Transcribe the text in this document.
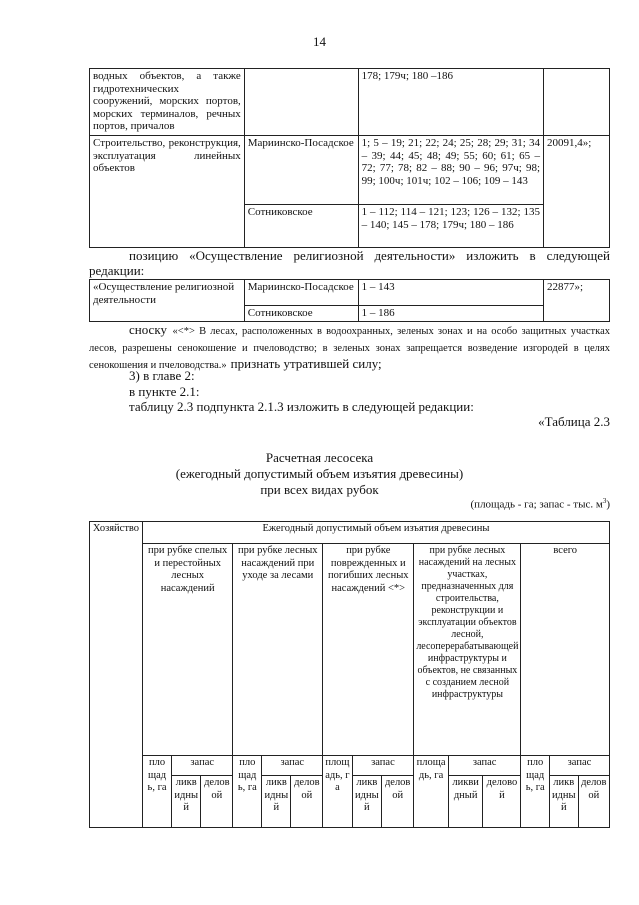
14
водных объектов, а также гидротехнических сооружений, морских портов, морских терминалов, речных портов, причалов		178; 179ч; 180 –186	
Строительство, реконструкция, эксплуатация линейных объектов	Мариинско-Посадское	1; 5 – 19; 21; 22; 24; 25; 28; 29; 31; 34 – 39; 44; 45; 48; 49; 55; 60; 61; 65 – 72; 77; 78; 82 – 88; 90 – 96; 97ч; 98; 99; 100ч; 101ч; 102 – 106; 109 – 143	20091,4»;
	Сотниковское	1 – 112; 114 – 121; 123; 126 – 132; 135 – 140; 145 – 178; 179ч; 180 – 186	
позицию «Осуществление религиозной деятельности» изложить в следующей редакции:
«Осуществление религиозной деятельности	Мариинско-Посадское	1 – 143	22877»;
	Сотниковское	1 – 186	
сноску «<*> В лесах, расположенных в водоохранных, зеленых зонах и на особо защитных участках лесов, разрешены сенокошение и пчеловодство; в зеленых зонах запрещается возведение изгородей в целях сенокошения и пчеловодства.» признать утратившей силу;
3) в главе 2:
в пункте 2.1:
таблицу 2.3 подпункта 2.1.3 изложить в следующей редакции:
«Таблица 2.3
Расчетная лесосека
(ежегодный допустимый объем изъятия древесины)
при всех видах рубок
(площадь - га; запас - тыс. $м^3$)
Хозяйство	Ежегодный допустимый объем изъятия древесины														
	при рубке спелых и перестойных лесных насаждений			при рубке лесных насаждений при уходе за лесами			при рубке поврежденных и погибших лесных насаждений <*>			при рубке лесных насаждений на лесных участках, предназначенных для строительства, реконструкции и эксплуатации объектов лесной, лесоперерабатывающей инфраструктуры и объектов, не связанных с созданием лесной инфраструктуры			всего		
	площадь, га	запас		площадь, га	запас		площадь, га	запас		площадь, га	запас		площадь, га	запас	
		ликвидный	деловой		ликвидный	деловой		ликвидный	деловой		ликвидный	деловой		ликвидный	деловой
